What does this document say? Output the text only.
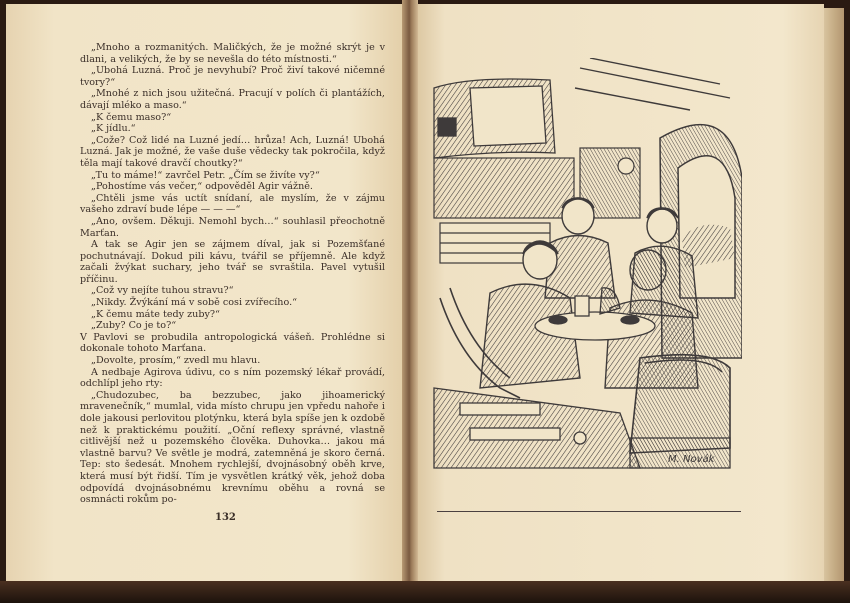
„Mnoho a rozmanitých. Maličkých, že je možné skrýt je v dlani, a velikých, že by se nevešla do této místnosti.“

„Ubohá Luzná. Proč je nevyhubí? Proč živí takové ničemné tvory?“

„Mnohé z nich jsou užitečná. Pracují v polích či plantážích, dávají mléko a maso.“

„K čemu maso?“

„K jídlu.“

„Cože? Což lidé na Luzné jedí… hrůza! Ach, Luzná! Ubohá Luzná. Jak je možné, že vaše duše vědecky tak pokročila, když těla mají takové dravčí choutky?“

„Tu to máme!“ zavrčel Petr. „Čím se živíte vy?“

„Pohostíme vás večer,“ odpověděl Agir vážně.

„Chtěli jsme vás uctít snídaní, ale myslím, že v zájmu vašeho zdraví bude lépe — — —“

„Ano, ovšem. Děkuji. Nemohl bych…“ souhlasil přeochotně Marťan.

A tak se Agir jen se zájmem díval, jak si Pozemšťané pochutnávají. Dokud pili kávu, tvářil se příjemně. Ale když začali žvýkat suchary, jeho tvář se svraštila. Pavel vytušil příčinu.

„Což vy nejíte tuhou stravu?“

„Nikdy. Žvýkání má v sobě cosi zvířecího.“

„K čemu máte tedy zuby?“

„Zuby? Co je to?“

V Pavlovi se probudila antropologická vášeň. Prohlédne si dokonale tohoto Marťana.

„Dovolte, prosím,“ zvedl mu hlavu.

A nedbaje Agirova údivu, co s ním pozemský lékař provádí, odchlípl jeho rty:

„Chudozubec, ba bezzubec, jako jihoamerický mravenečník,“ mumlal, vida místo chrupu jen vpředu nahoře i dole jakousi perlovitou plotýnku, která byla spíše jen k ozdobě než k praktickému použití. „Oční reflexy správné, vlastně citlivější než u pozemského člověka. Duhovka… jakou má vlastně barvu? Ve světle je modrá, zatemněná je skoro černá. Tep: sto šedesát. Mnohem rychlejší, dvojnásobný oběh krve, která musí být řidší. Tím je vysvětlen krátký věk, jehož doba odpovídá dvojnásobnému krevnímu oběhu a rovná se osmnácti rokům po-

132
M. Novák
